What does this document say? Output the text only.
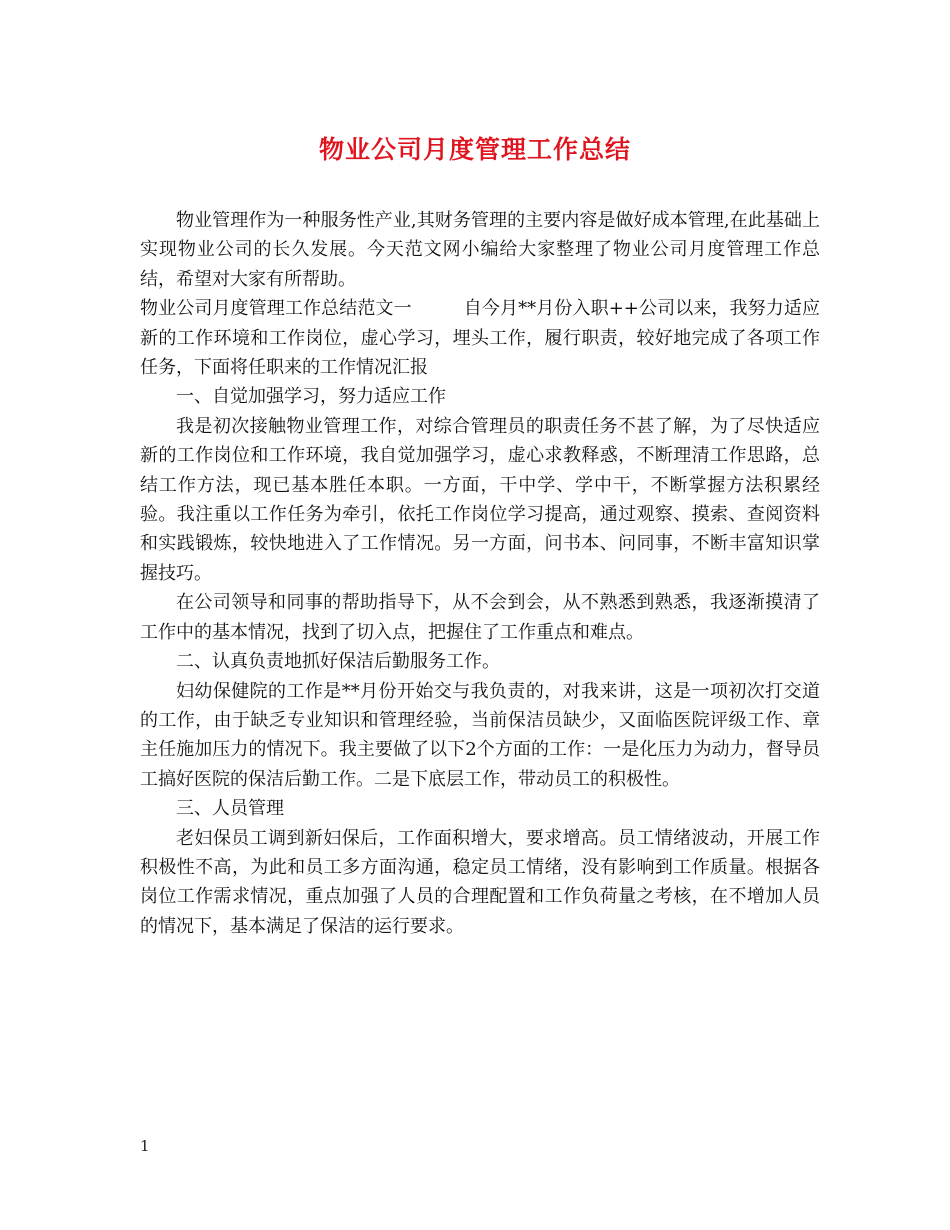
物业公司月度管理工作总结

物业管理作为一种服务性产业,其财务管理的主要内容是做好成本管理,在此基础上实现物业公司的长久发展。今天范文网小编给大家整理了物业公司月度管理工作总结，希望对大家有所帮助。

物业公司月度管理工作总结范文一	自今月**月份入职++公司以来，我努力适应新的工作环境和工作岗位，虚心学习，埋头工作，履行职责，较好地完成了各项工作任务，下面将任职来的工作情况汇报

一、自觉加强学习，努力适应工作

我是初次接触物业管理工作，对综合管理员的职责任务不甚了解，为了尽快适应新的工作岗位和工作环境，我自觉加强学习，虚心求教释惑，不断理清工作思路，总结工作方法，现已基本胜任本职。一方面，干中学、学中干，不断掌握方法积累经验。我注重以工作任务为牵引，依托工作岗位学习提高，通过观察、摸索、查阅资料和实践锻炼，较快地进入了工作情况。另一方面，问书本、问同事，不断丰富知识掌握技巧。

在公司领导和同事的帮助指导下，从不会到会，从不熟悉到熟悉，我逐渐摸清了工作中的基本情况，找到了切入点，把握住了工作重点和难点。

二、认真负责地抓好保洁后勤服务工作。

妇幼保健院的工作是**月份开始交与我负责的，对我来讲，这是一项初次打交道的工作，由于缺乏专业知识和管理经验，当前保洁员缺少，又面临医院评级工作、章主任施加压力的情况下。我主要做了以下2个方面的工作：一是化压力为动力，督导员工搞好医院的保洁后勤工作。二是下底层工作，带动员工的积极性。

三、人员管理

老妇保员工调到新妇保后，工作面积增大，要求增高。员工情绪波动，开展工作积极性不高，为此和员工多方面沟通，稳定员工情绪，没有影响到工作质量。根据各岗位工作需求情况，重点加强了人员的合理配置和工作负荷量之考核，在不增加人员的情况下，基本满足了保洁的运行要求。

1
